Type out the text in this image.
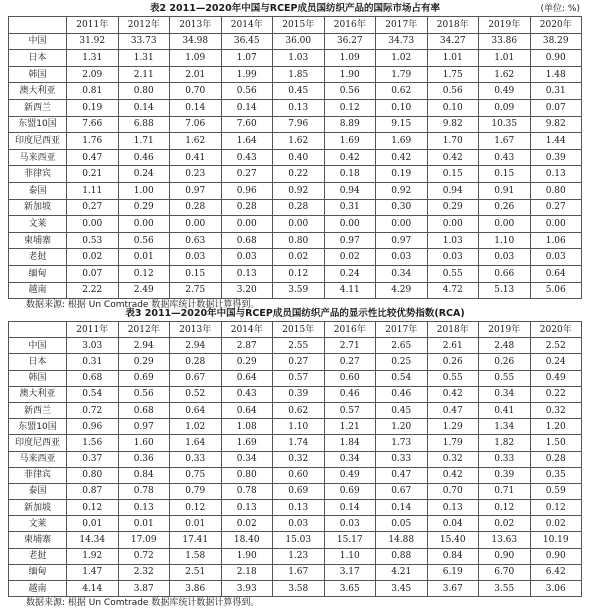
表2 2011—2020年中国与RCEP成员国纺织产品的国际市场占有率	(单位: %)
	2011年	2012年	2013年	2014年	2015年	2016年	2017年	2018年	2019年	2020年
中国	31.92	33.73	34.98	36.45	36.00	36.27	34.73	34.27	33.86	38.29
日本	1.31	1.31	1.09	1.07	1.03	1.09	1.02	1.01	1.01	0.90
韩国	2.09	2.11	2.01	1.99	1.85	1.90	1.79	1.75	1.62	1.48
澳大利亚	0.81	0.80	0.70	0.56	0.45	0.56	0.62	0.56	0.49	0.31
新西兰	0.19	0.14	0.14	0.14	0.13	0.12	0.10	0.10	0.09	0.07
东盟10国	7.66	6.88	7.06	7.60	7.96	8.89	9.15	9.82	10.35	9.82
印度尼西亚	1.76	1.71	1.62	1.64	1.62	1.69	1.69	1.70	1.67	1.44
马来西亚	0.47	0.46	0.41	0.43	0.40	0.42	0.42	0.42	0.43	0.39
菲律宾	0.21	0.24	0.23	0.27	0.22	0.18	0.19	0.15	0.15	0.13
泰国	1.11	1.00	0.97	0.96	0.92	0.94	0.92	0.94	0.91	0.80
新加坡	0.27	0.29	0.28	0.28	0.28	0.31	0.30	0.29	0.26	0.27
文莱	0.00	0.00	0.00	0.00	0.00	0.00	0.00	0.00	0.00	0.00
柬埔寨	0.53	0.56	0.63	0.68	0.80	0.97	0.97	1.03	1.10	1.06
老挝	0.02	0.01	0.03	0.03	0.02	0.02	0.03	0.03	0.03	0.03
缅甸	0.07	0.12	0.15	0.13	0.12	0.24	0.34	0.55	0.66	0.64
越南	2.22	2.49	2.75	3.20	3.59	4.11	4.29	4.72	5.13	5.06
数据来源: 根据 Un Comtrade 数据库统计数据计算得到。
表3 2011—2020年中国与RCEP成员国纺织产品的显示性比较优势指数(RCA)
	2011年	2012年	2013年	2014年	2015年	2016年	2017年	2018年	2019年	2020年
中国	3.03	2.94	2.94	2.87	2.55	2.71	2.65	2.61	2.48	2.52
日本	0.31	0.29	0.28	0.29	0.27	0.27	0.25	0.26	0.26	0.24
韩国	0.68	0.69	0.67	0.64	0.57	0.60	0.54	0.55	0.55	0.49
澳大利亚	0.54	0.56	0.52	0.43	0.39	0.46	0.46	0.42	0.34	0.22
新西兰	0.72	0.68	0.64	0.64	0.62	0.57	0.45	0.47	0.41	0.32
东盟10国	0.96	0.97	1.02	1.08	1.10	1.21	1.20	1.29	1.34	1.20
印度尼西亚	1.56	1.60	1.64	1.69	1.74	1.84	1.73	1.79	1.82	1.50
马来西亚	0.37	0.36	0.33	0.34	0.32	0.34	0.33	0.32	0.33	0.28
菲律宾	0.80	0.84	0.75	0.80	0.60	0.49	0.47	0.42	0.39	0.35
泰国	0.87	0.78	0.79	0.78	0.69	0.69	0.67	0.70	0.71	0.59
新加坡	0.12	0.13	0.12	0.13	0.13	0.14	0.14	0.13	0.12	0.12
文莱	0.01	0.01	0.01	0.02	0.03	0.03	0.05	0.04	0.02	0.02
柬埔寨	14.34	17.09	17.41	18.40	15.03	15.17	14.88	15.40	13.63	10.19
老挝	1.92	0.72	1.58	1.90	1.23	1.10	0.88	0.84	0.90	0.90
缅甸	1.47	2.32	2.51	2.18	1.67	3.17	4.21	6.19	6.70	6.42
越南	4.14	3.87	3.86	3.93	3.58	3.65	3.45	3.67	3.55	3.06
数据来源: 根据 Un Comtrade 数据库统计数据计算得到。
